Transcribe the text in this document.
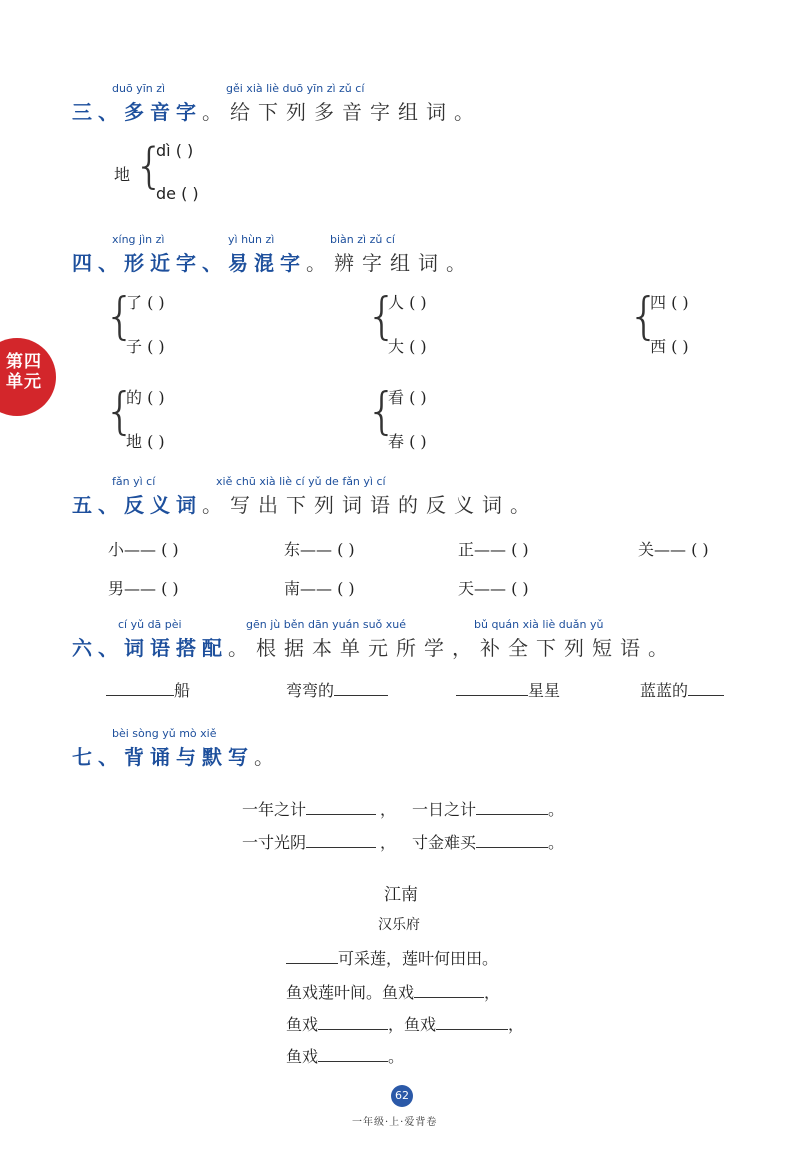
第四
单元
duō yīn zì	gěi xià liè duō yīn zì zǔ cí
三、多音字。给下列多音字组词。
地 {
dì ( )
de ( )
xíng jìn zì	yì hùn zì	biàn zì zǔ cí
四、形近字、易混字。辨字组词。
{
了 ( )
子 ( )
{
人 ( )
大 ( )
{
四 ( )
西 ( )
{
的 ( )
地 ( )
{
看 ( )
春 ( )
fǎn yì cí	xiě chū xià liè cí yǔ de fǎn yì cí
五、反义词。写出下列词语的反义词。
小—— ( )	东—— ( )	正—— ( )	关—— ( )
男—— ( )	南—— ( )	天—— ( )
cí yǔ dā pèi	gēn jù běn dān yuán suǒ xué	bǔ quán xià liè duǎn yǔ
六、词语搭配。根据本单元所学，补全下列短语。
船	弯弯的	星星	蓝蓝的
bèi sòng yǔ mò xiě
七、背诵与默写。
一年之计	， 一日之计	。
一寸光阴	， 寸金难买	。
江南
汉乐府
可采莲，莲叶何田田。
鱼戏莲叶间。鱼戏	，
鱼戏	，鱼戏	，
鱼戏	。
62
一年级·上·爱背卷
